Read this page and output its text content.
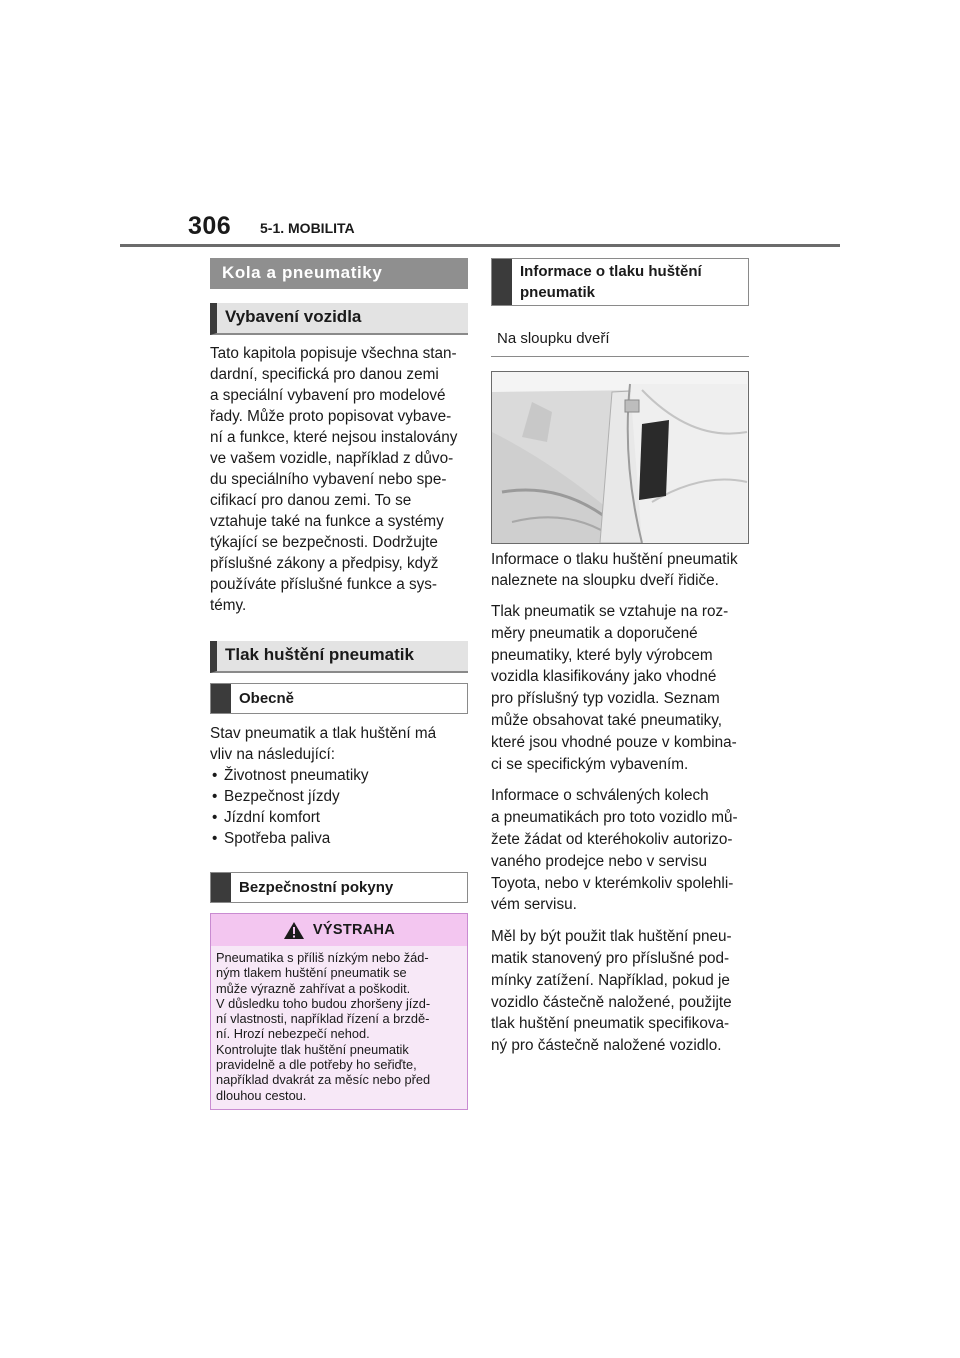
306 5-1. MOBILITA
Kola a pneumatiky
Vybavení vozidla

Tato kapitola popisuje všechna stan-

dardní, specifická pro danou zemi

a speciální vybavení pro modelové

řady. Může proto popisovat vybave-

ní a funkce, které nejsou instalovány

ve vašem vozidle, například z důvo-

du speciálního vybavení nebo spe-

cifikací pro danou zemi. To se

vztahuje také na funkce a systémy

týkající se bezpečnosti. Dodržujte

příslušné zákony a předpisy, když

používáte příslušné funkce a sys-

témy.

Tlak huštění pneumatik
Obecně

Stav pneumatik a tlak huštění má

vliv na následující:

• Životnost pneumatiky
• Bezpečnost jízdy
• Jízdní komfort
• Spotřeba paliva
Bezpečnostní pokyny
VÝSTRAHA

Pneumatika s příliš nízkým nebo žád-

ným tlakem huštění pneumatik se

může výrazně zahřívat a poškodit.

V důsledku toho budou zhoršeny jízd-

ní vlastnosti, například řízení a brzdě-

ní. Hrozí nebezpečí nehod.

Kontrolujte tlak huštění pneumatik

pravidelně a dle potřeby ho seřiďte,

například dvakrát za měsíc nebo před

dlouhou cestou.

Informace o tlaku huštění pneumatik
Na sloupku dveří

Informace o tlaku huštění pneumatik

naleznete na sloupku dveří řidiče.

Tlak pneumatik se vztahuje na roz-

měry pneumatik a doporučené

pneumatiky, které byly výrobcem

vozidla klasifikovány jako vhodné

pro příslušný typ vozidla. Seznam

může obsahovat také pneumatiky,

které jsou vhodné pouze v kombina-

ci se specifickým vybavením.

Informace o schválených kolech

a pneumatikách pro toto vozidlo mů-

žete žádat od kteréhokoliv autorizo-

vaného prodejce nebo v servisu

Toyota, nebo v kterémkoliv spolehli-

vém servisu.

Měl by být použit tlak huštění pneu-

matik stanovený pro příslušné pod-

mínky zatížení. Například, pokud je

vozidlo částečně naložené, použijte

tlak huštění pneumatik specifikova-

ný pro částečně naložené vozidlo.
